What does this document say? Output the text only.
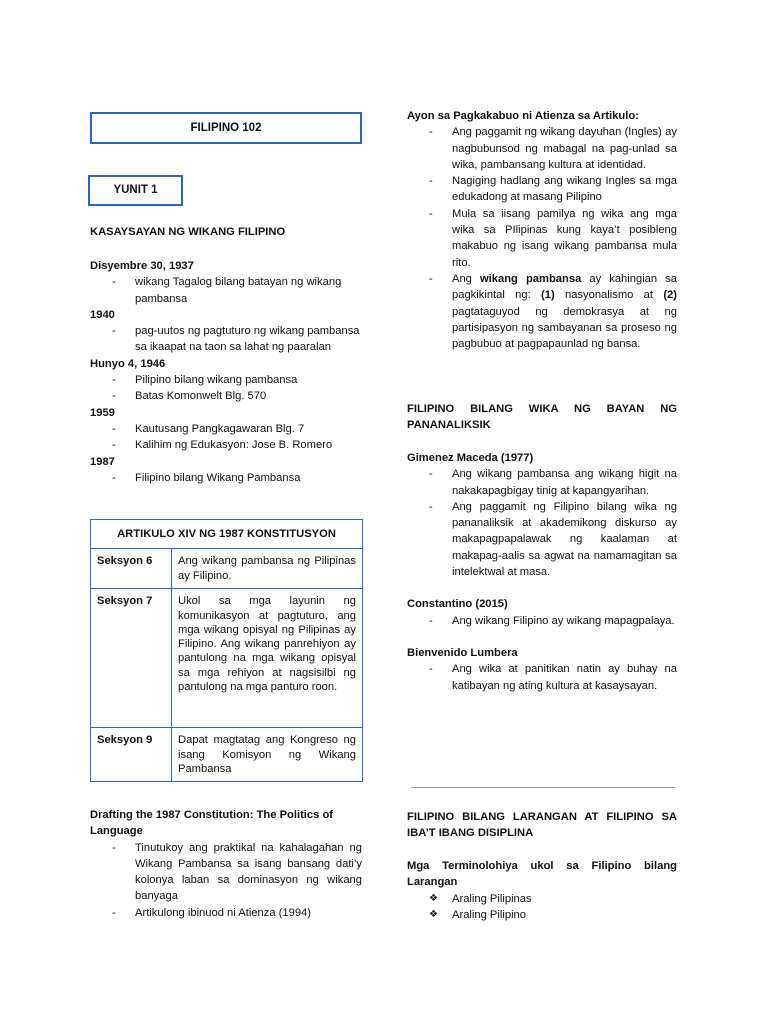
FILIPINO 102
YUNIT 1
KASAYSAYAN NG WIKANG FILIPINO
Disyembre 30, 1937
- wikang Tagalog bilang batayan ng wikang pambansa
1940
- pag-uutos ng pagtuturo ng wikang pambansa sa ikaapat na taon sa lahat ng paaralan
Hunyo 4, 1946
- Pilipino bilang wikang pambansa
- Batas Komonwelt Blg. 570
1959
- Kautusang Pangkagawaran Blg. 7
- Kalihim ng Edukasyon: Jose B. Romero
1987
- Filipino bilang Wikang Pambansa
ARTIKULO XIV NG 1987 KONSTITUSYON	
Seksyon 6	Ang wikang pambansa ng Pilipinas ay Filipino.
Seksyon 7	Ukol sa mga layunin ng komunikasyon at pagtuturo, ang mga wikang opisyal ng Pilipinas ay Filipino. Ang wikang panrehiyon ay pantulong na mga wikang opisyal sa mga rehiyon at nagsisilbi ng pantulong na mga panturo roon.
Seksyon 9	Dapat magtatag ang Kongreso ng isang Komisyon ng Wikang Pambansa
Drafting the 1987 Constitution: The Politics of Language
- Tinutukoy ang praktikal na kahalagahan ng Wikang Pambansa sa isang bansang dati’y kolonya laban sa dominasyon ng wikang banyaga
- Artikulong ibinuod ni Atienza (1994)
Ayon sa Pagkakabuo ni Atienza sa Artikulo:
- Ang paggamit ng wikang dayuhan (Ingles) ay nagbubunsod ng mabagal na pag-unlad sa wika, pambansang kultura at identidad.
- Nagiging hadlang ang wikang Ingles sa mga edukadong at masang Pilipino
- Mula sa iisang pamilya ng wika ang mga wika sa PIlipinas kung kaya’t posibleng makabuo ng isang wikang pambansa mula rito.
- Ang wikang pambansa ay kahingian sa pagkikintal ng: (1) nasyonalismo at (2) pagtataguyod ng demokrasya at ng partisipasyon ng sambayanan sa proseso ng pagbubuo at pagpapaunlad ng bansa.
FILIPINO BILANG WIKA NG BAYAN NG PANANALIKSIK
Gimenez Maceda (1977)
- Ang wikang pambansa ang wikang higit na nakakapagbigay tinig at kapangyarihan.
- Ang paggamit ng Filipino bilang wika ng pananaliksik at akademikong diskurso ay makapagpapalawak ng kaalaman at makapag-aalis sa agwat na namamagitan sa intelektwal at masa.
Constantino (2015)
- Ang wikang Filipino ay wikang mapagpalaya.
Bienvenido Lumbera
- Ang wika at panitikan natin ay buhay na katibayan ng ating kultura at kasaysayan.
FILIPINO BILANG LARANGAN AT FILIPINO SA IBA’T IBANG DISIPLINA
Mga Terminolohiya ukol sa Filipino bilang Larangan
❖ Araling Pilipinas
❖ Araling Pilipino
